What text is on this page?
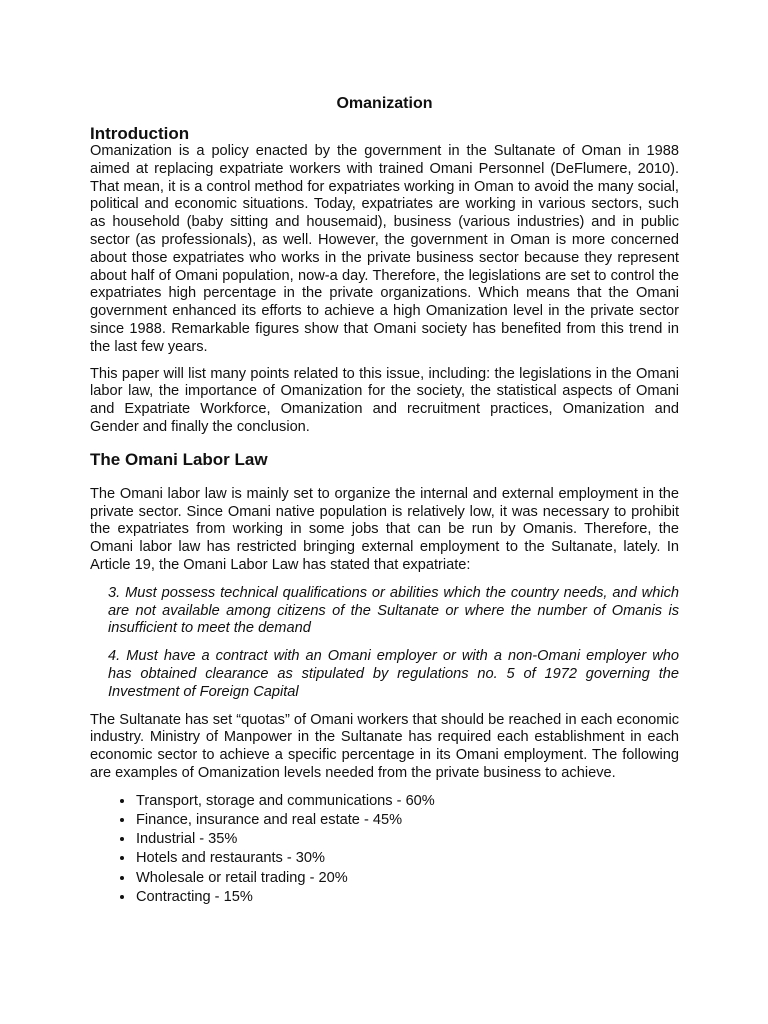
Omanization
Introduction

Omanization is a policy enacted by the government in the Sultanate of Oman in 1988 aimed at replacing expatriate workers with trained Omani Personnel (DeFlumere, 2010). That mean, it is a control method for expatriates working in Oman to avoid the many social, political and economic situations. Today, expatriates are working in various sectors, such as household (baby sitting and housemaid), business (various industries) and in public sector (as professionals), as well. However, the government in Oman is more concerned about those expatriates who works in the private business sector because they represent about half of Omani population, now-a day. Therefore, the legislations are set to control the expatriates high percentage in the private organizations. Which means that the Omani government enhanced its efforts to achieve a high Omanization level in the private sector since 1988. Remarkable figures show that Omani society has benefited from this trend in the last few years.

This paper will list many points related to this issue, including: the legislations in the Omani labor law, the importance of Omanization for the society, the statistical aspects of Omani and Expatriate Workforce, Omanization and recruitment practices, Omanization and Gender and finally the conclusion.

The Omani Labor Law

The Omani labor law is mainly set to organize the internal and external employment in the private sector. Since Omani native population is relatively low, it was necessary to prohibit the expatriates from working in some jobs that can be run by Omanis. Therefore, the Omani labor law has restricted bringing external employment to the Sultanate, lately. In Article 19, the Omani Labor Law has stated that expatriate:

3. Must possess technical qualifications or abilities which the country needs, and which are not available among citizens of the Sultanate or where the number of Omanis is insufficient to meet the demand

4. Must have a contract with an Omani employer or with a non-Omani employer who has obtained clearance as stipulated by regulations no. 5 of 1972 governing the Investment of Foreign Capital

The Sultanate has set “quotas” of Omani workers that should be reached in each economic industry. Ministry of Manpower in the Sultanate has required each establishment in each economic sector to achieve a specific percentage in its Omani employment. The following are examples of Omanization levels needed from the private business to achieve.

• Transport, storage and communications - 60%
• Finance, insurance and real estate - 45%
• Industrial - 35%
• Hotels and restaurants - 30%
• Wholesale or retail trading - 20%
• Contracting - 15%
